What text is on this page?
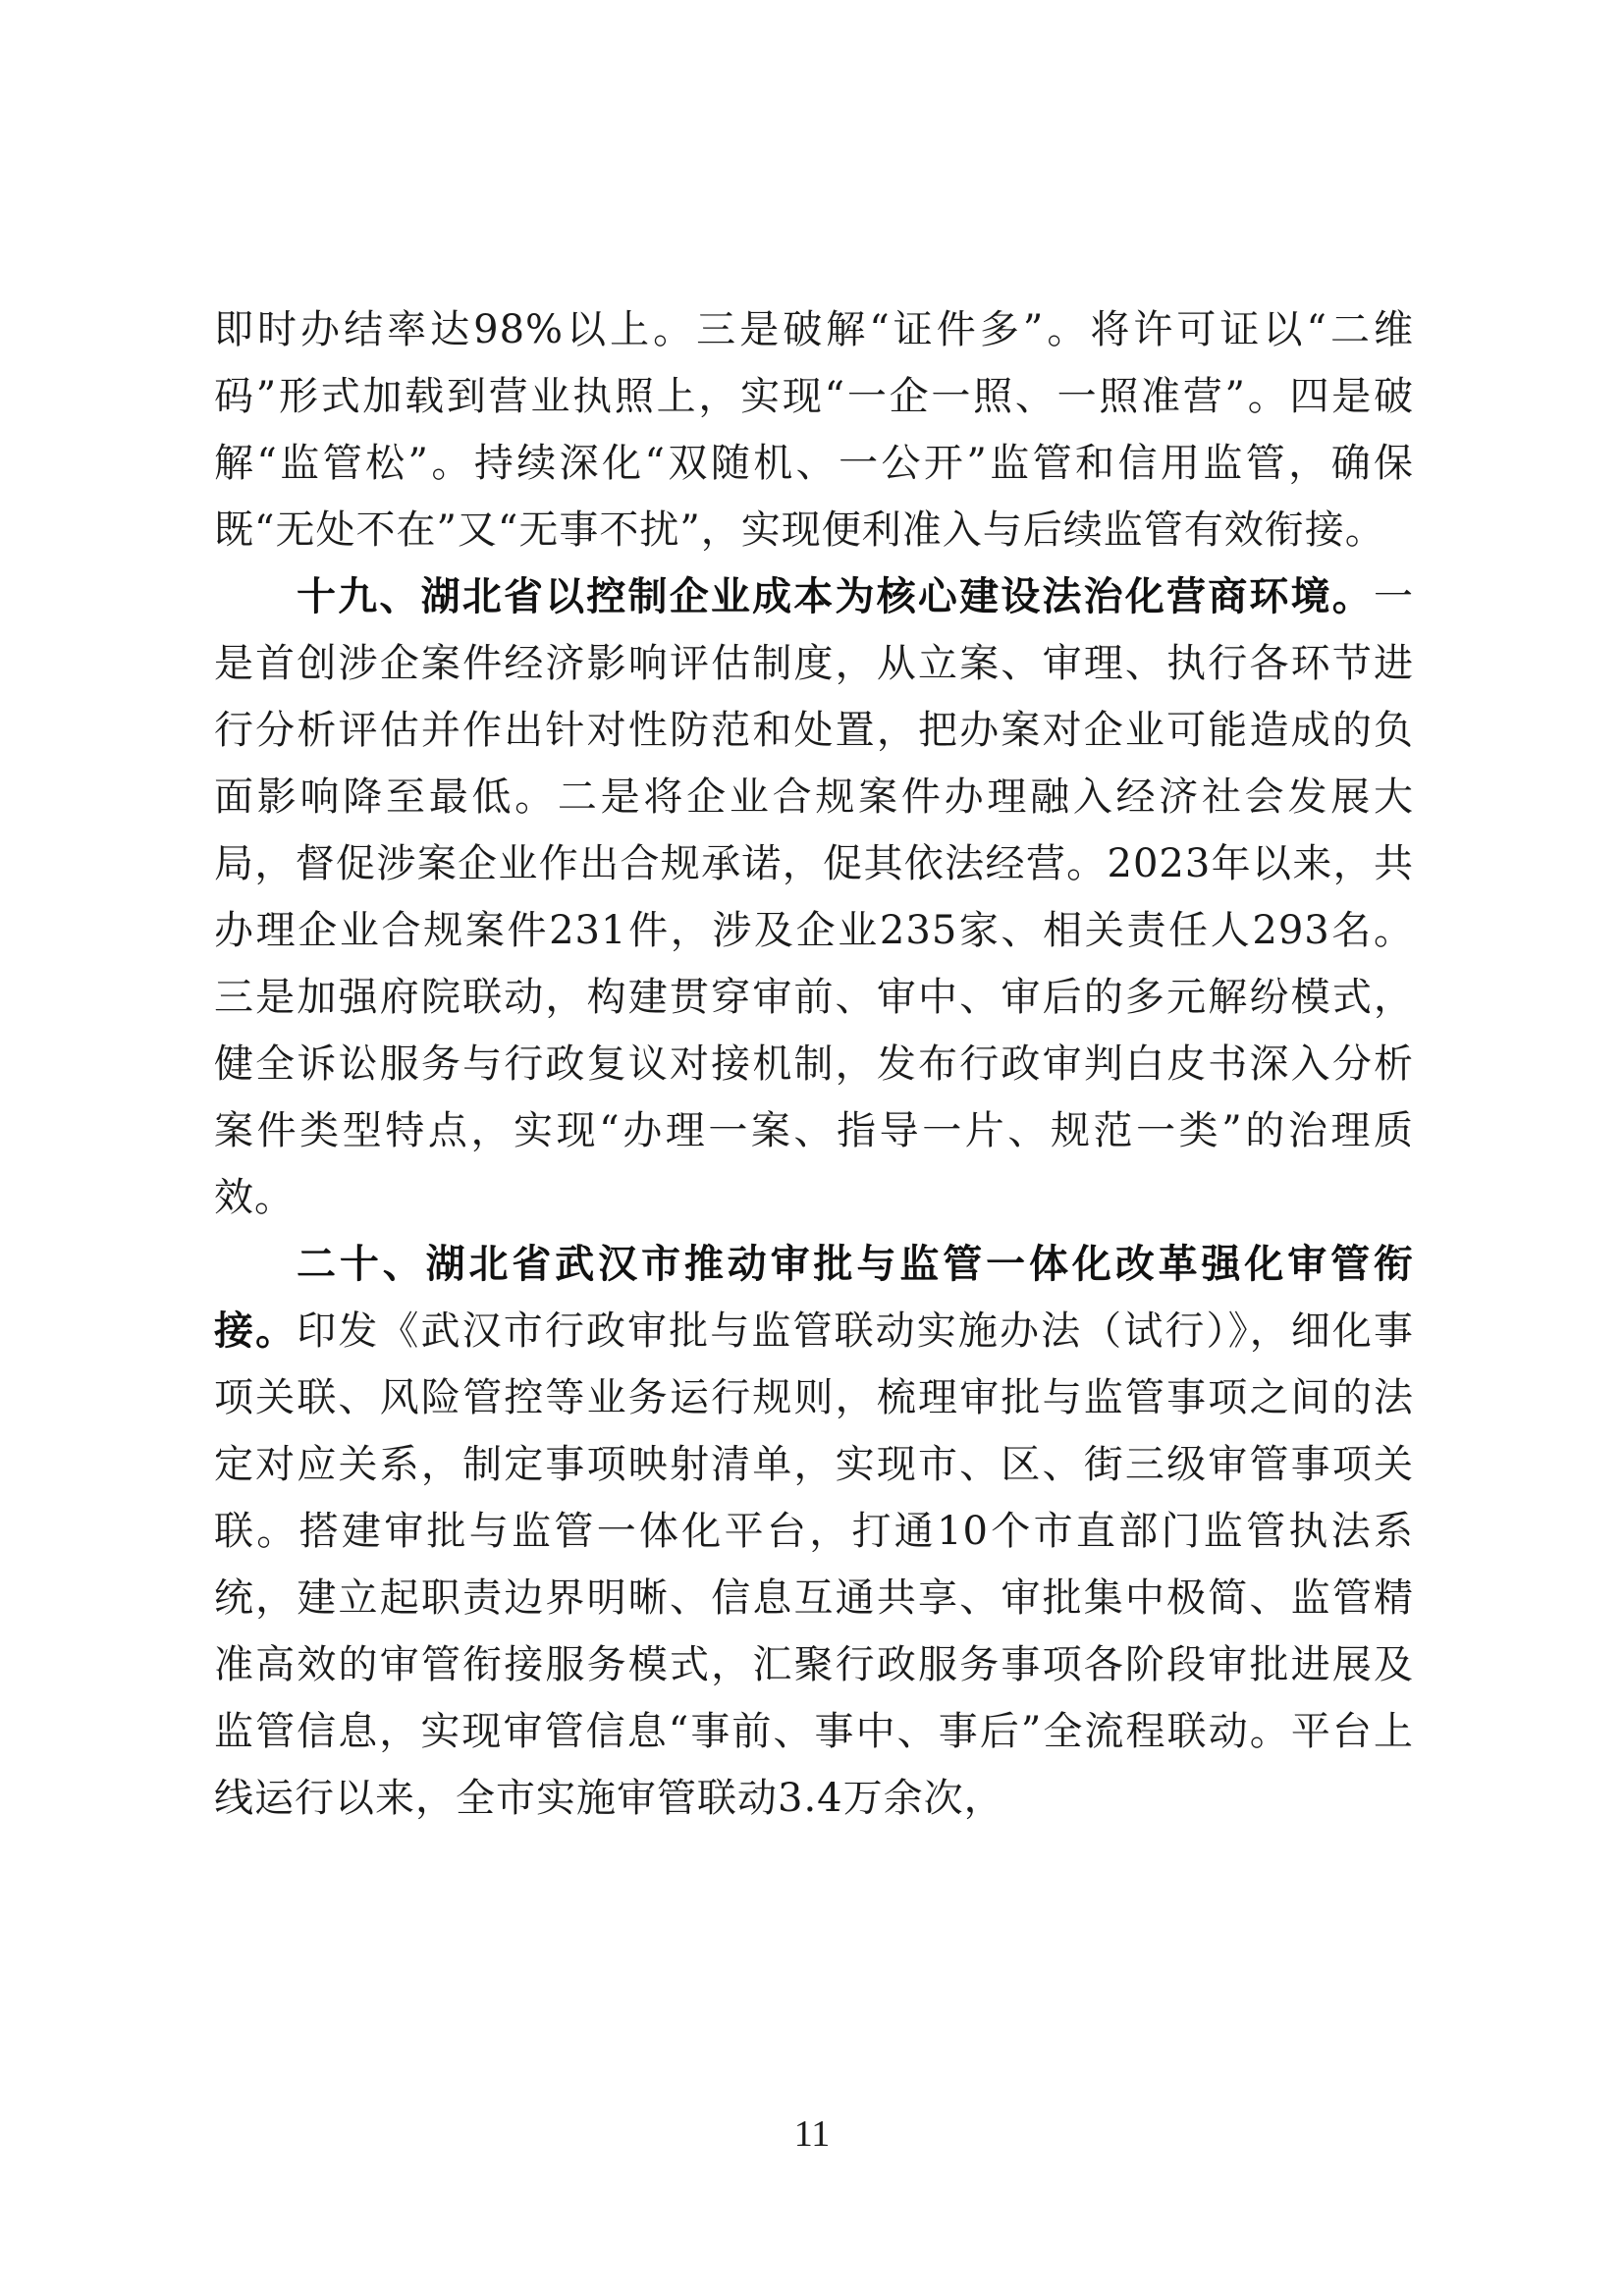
即时办结率达98%以上。三是破解“证件多”。将许可证以“二维码”形式加载到营业执照上，实现“一企一照、一照准营”。四是破解“监管松”。持续深化“双随机、一公开”监管和信用监管，确保既“无处不在”又“无事不扰”，实现便利准入与后续监管有效衔接。

十九、湖北省以控制企业成本为核心建设法治化营商环境。一是首创涉企案件经济影响评估制度，从立案、审理、执行各环节进行分析评估并作出针对性防范和处置，把办案对企业可能造成的负面影响降至最低。二是将企业合规案件办理融入经济社会发展大局，督促涉案企业作出合规承诺，促其依法经营。2023年以来，共办理企业合规案件231件，涉及企业235家、相关责任人293名。三是加强府院联动，构建贯穿审前、审中、审后的多元解纷模式，健全诉讼服务与行政复议对接机制，发布行政审判白皮书深入分析案件类型特点，实现“办理一案、指导一片、规范一类”的治理质效。

二十、湖北省武汉市推动审批与监管一体化改革强化审管衔接。印发《武汉市行政审批与监管联动实施办法（试行）》，细化事项关联、风险管控等业务运行规则，梳理审批与监管事项之间的法定对应关系，制定事项映射清单，实现市、区、街三级审管事项关联。搭建审批与监管一体化平台，打通10个市直部门监管执法系统，建立起职责边界明晰、信息互通共享、审批集中极简、监管精准高效的审管衔接服务模式，汇聚行政服务事项各阶段审批进展及监管信息，实现审管信息“事前、事中、事后”全流程联动。平台上线运行以来，全市实施审管联动3.4万余次，

11
